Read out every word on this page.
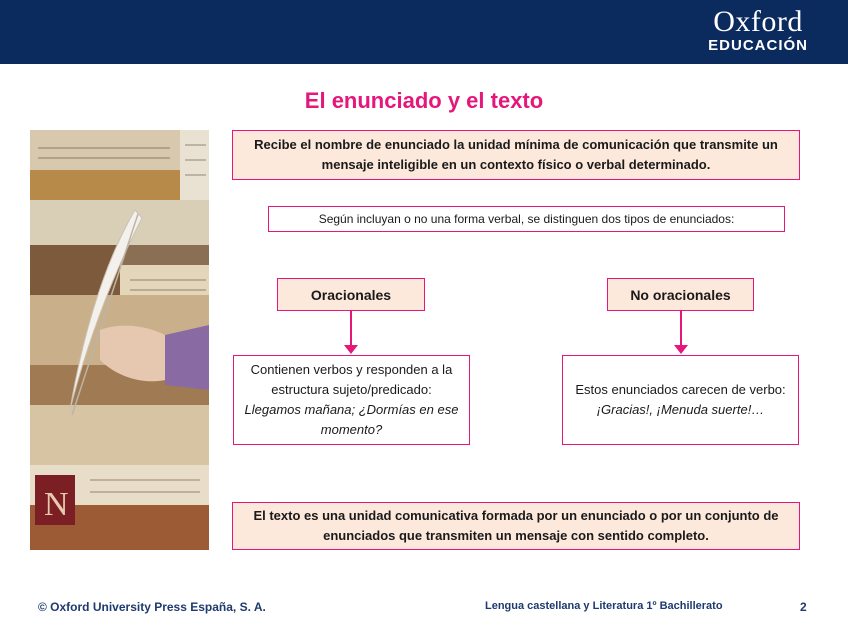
Oxford
EDUCACIÓN
El enunciado y el texto
N
Recibe el nombre de enunciado la unidad mínima de comunicación que transmite un mensaje inteligible en un contexto físico o verbal determinado.
Según incluyan o no una forma verbal, se distinguen dos tipos de enunciados:
Oracionales
Contienen verbos y responden a la estructura sujeto/predicado: Llegamos mañana; ¿Dormías en ese momento?
No oracionales
Estos enunciados carecen de verbo: ¡Gracias!, ¡Menuda suerte!…
El texto es una unidad comunicativa formada por un enunciado o por un conjunto de enunciados que transmiten un mensaje con sentido completo.
© Oxford University Press España, S. A.	Lengua castellana y Literatura 1º Bachillerato	2
